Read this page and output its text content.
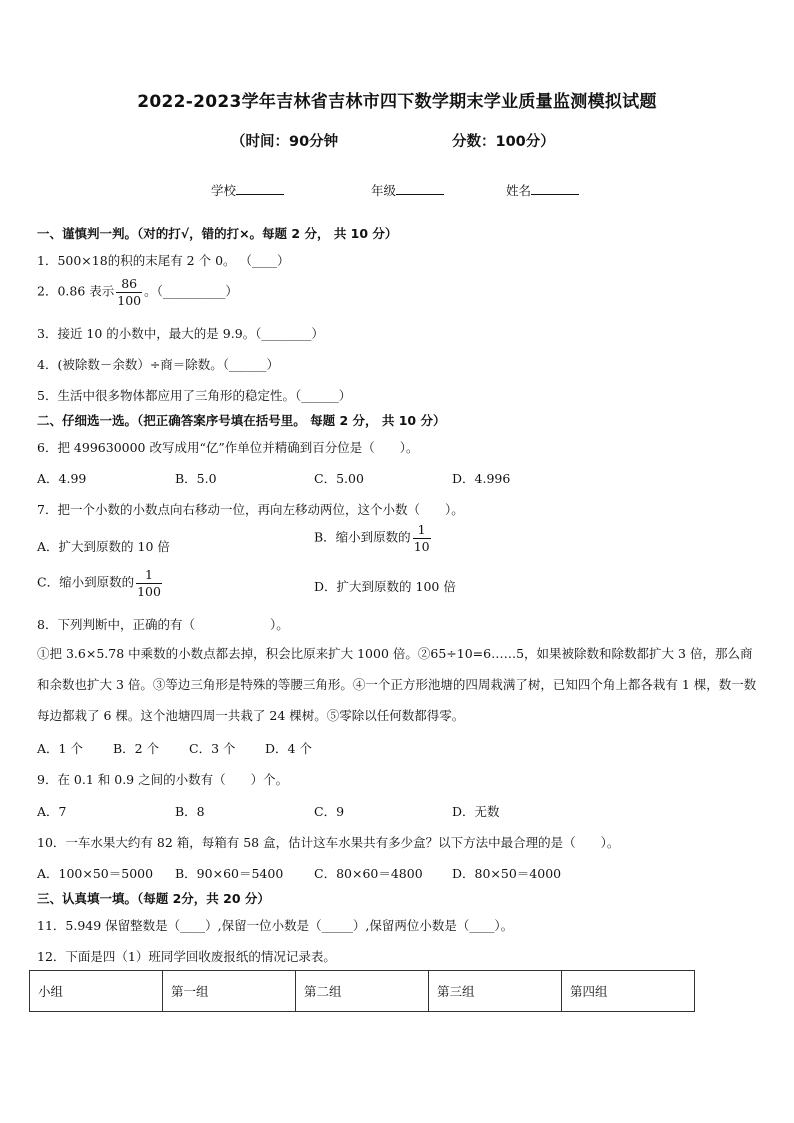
2022-2023学年吉林省吉林市四下数学期末学业质量监测模拟试题
（时间：90分钟	分数：100分）
学校	年级	姓名
一、谨慎判一判。（对的打√，错的打×。每题 2 分， 共 10 分）
1．500×18的积的末尾有 2 个 0。 （____）
2．0.86 表示 $\frac{86}{100}$ 。（__________）
3．接近 10 的小数中，最大的是 9.9。（________）
4．(被除数－余数）÷商＝除数。（______）
5．生活中很多物体都应用了三角形的稳定性。（______）
二、仔细选一选。（把正确答案序号填在括号里。 每题 2 分， 共 10 分）
6．把 499630000 改写成用“亿”作单位并精确到百分位是（　　）。
A．4.99	B．5.0	C．5.00	D．4.996
7．把一个小数的小数点向右移动一位，再向左移动两位，这个小数（　　）。
A．扩大到原数的 10 倍
B．缩小到原数的 $\frac{1}{10}$
C．缩小到原数的 $\frac{1}{100}$	D．扩大到原数的 100 倍
8．下列判断中，正确的有（　　　　　　）。
①把 3.6×5.78 中乘数的小数点都去掉，积会比原来扩大 1000 倍。②65÷10=6……5，如果被除数和除数都扩大 3 倍，那么商和余数也扩大 3 倍。③等边三角形是特殊的等腰三角形。④一个正方形池塘的四周栽满了树，已知四个角上都各栽有 1 棵，数一数每边都栽了 6 棵。这个池塘四周一共栽了 24 棵树。⑤零除以任何数都得零。
A．1 个 B．2 个 C．3 个 D．4 个
9．在 0.1 和 0.9 之间的小数有（　　）个。
A．7	B．8	C．9	D．无数
10．一车水果大约有 82 箱，每箱有 58 盒，估计这车水果共有多少盒？以下方法中最合理的是（　　）。
A．100×50＝5000 B．90×60＝5400 C．80×60＝4800 D．80×50＝4000
三、认真填一填。（每题 2分，共 20 分）
11．5.949 保留整数是（____）,保留一位小数是（_____）,保留两位小数是（____）。
12．下面是四（1）班同学回收废报纸的情况记录表。
小组	第一组	第二组	第三组	第四组
